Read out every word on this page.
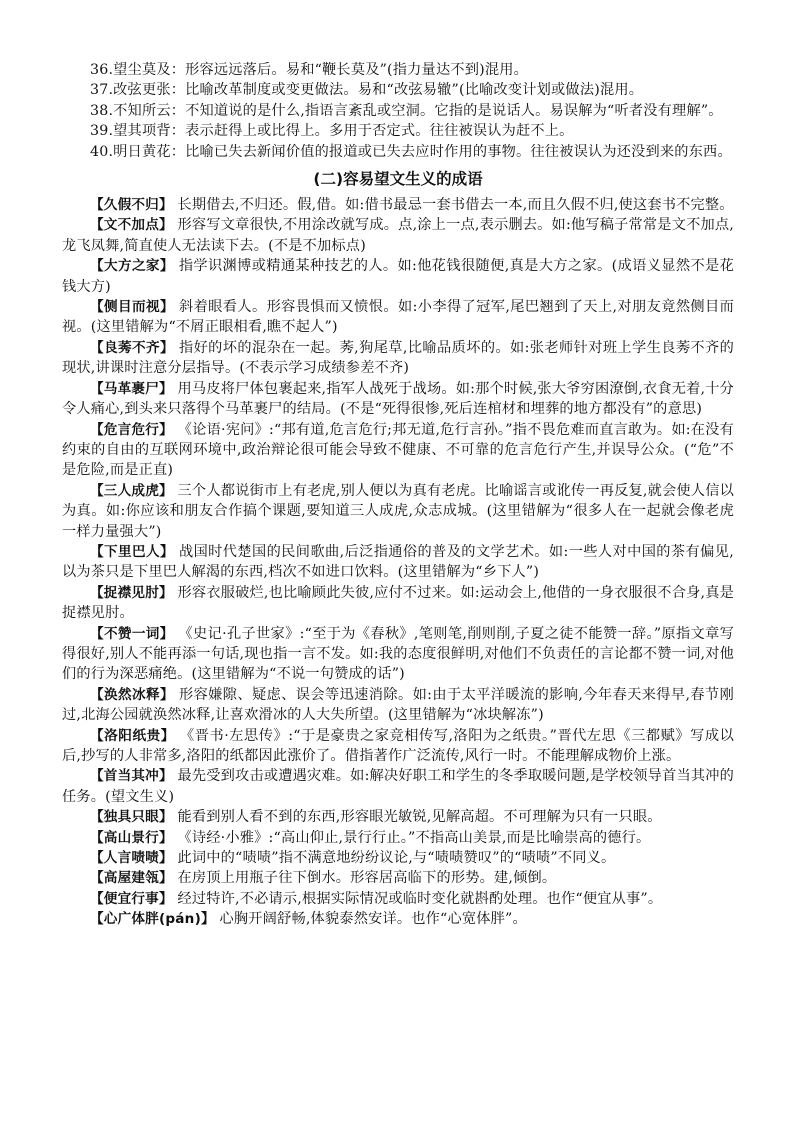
36.望尘莫及：形容远远落后。易和“鞭长莫及”(指力量达不到)混用。

37.改弦更张：比喻改革制度或变更做法。易和“改弦易辙”(比喻改变计划或做法)混用。

38.不知所云：不知道说的是什么,指语言紊乱或空洞。它指的是说话人。易误解为“听者没有理解”。

39.望其项背：表示赶得上或比得上。多用于否定式。往往被误认为赶不上。

40.明日黄花：比喻已失去新闻价值的报道或已失去应时作用的事物。往往被误认为还没到来的东西。

(二)容易望文生义的成语

【久假不归】 长期借去,不归还。假,借。如:借书最忌一套书借去一本,而且久假不归,使这套书不完整。

【文不加点】 形容写文章很快,不用涂改就写成。点,涂上一点,表示删去。如:他写稿子常常是文不加点,龙飞凤舞,简直使人无法读下去。(不是不加标点)

【大方之家】 指学识渊博或精通某种技艺的人。如:他花钱很随便,真是大方之家。(成语义显然不是花钱大方)

【侧目而视】 斜着眼看人。形容畏惧而又愤恨。如:小李得了冠军,尾巴翘到了天上,对朋友竟然侧目而视。(这里错解为“不屑正眼相看,瞧不起人”)

【良莠不齐】 指好的坏的混杂在一起。莠,狗尾草,比喻品质坏的。如:张老师针对班上学生良莠不齐的现状,讲课时注意分层指导。(不表示学习成绩参差不齐)

【马革裹尸】 用马皮将尸体包裹起来,指军人战死于战场。如:那个时候,张大爷穷困潦倒,衣食无着,十分令人痛心,到头来只落得个马革裹尸的结局。(不是“死得很惨,死后连棺材和埋葬的地方都没有”的意思)

【危言危行】 《论语·宪问》:“邦有道,危言危行;邦无道,危行言孙。”指不畏危难而直言敢为。如:在没有约束的自由的互联网环境中,政治辩论很可能会导致不健康、不可靠的危言危行产生,并误导公众。(“危”不是危险,而是正直)

【三人成虎】 三个人都说街市上有老虎,别人便以为真有老虎。比喻谣言或讹传一再反复,就会使人信以为真。如:你应该和朋友合作搞个课题,要知道三人成虎,众志成城。(这里错解为“很多人在一起就会像老虎一样力量强大”)

【下里巴人】 战国时代楚国的民间歌曲,后泛指通俗的普及的文学艺术。如:一些人对中国的茶有偏见,以为茶只是下里巴人解渴的东西,档次不如进口饮料。(这里错解为“乡下人”)

【捉襟见肘】 形容衣服破烂,也比喻顾此失彼,应付不过来。如:运动会上,他借的一身衣服很不合身,真是捉襟见肘。

【不赞一词】 《史记·孔子世家》:“至于为《春秋》,笔则笔,削则削,子夏之徒不能赞一辞。”原指文章写得很好,别人不能再添一句话,现也指一言不发。如:我的态度很鲜明,对他们不负责任的言论都不赞一词,对他们的行为深恶痛绝。(这里错解为“不说一句赞成的话”)

【涣然冰释】 形容嫌隙、疑虑、误会等迅速消除。如:由于太平洋暖流的影响,今年春天来得早,春节刚过,北海公园就涣然冰释,让喜欢滑冰的人大失所望。(这里错解为“冰块解冻”)

【洛阳纸贵】 《晋书·左思传》:“于是豪贵之家竞相传写,洛阳为之纸贵。”晋代左思《三都赋》写成以后,抄写的人非常多,洛阳的纸都因此涨价了。借指著作广泛流传,风行一时。不能理解成物价上涨。

【首当其冲】 最先受到攻击或遭遇灾难。如:解决好职工和学生的冬季取暖问题,是学校领导首当其冲的任务。(望文生义)

【独具只眼】 能看到别人看不到的东西,形容眼光敏锐,见解高超。不可理解为只有一只眼。

【高山景行】 《诗经·小雅》:“高山仰止,景行行止。”不指高山美景,而是比喻崇高的德行。

【人言啧啧】 此词中的“啧啧”指不满意地纷纷议论,与“啧啧赞叹”的“啧啧”不同义。

【高屋建瓴】 在房顶上用瓶子往下倒水。形容居高临下的形势。建,倾倒。

【便宜行事】 经过特许,不必请示,根据实际情况或临时变化就斟酌处理。也作“便宜从事”。

【心广体胖(pán)】 心胸开阔舒畅,体貌泰然安详。也作“心宽体胖”。
